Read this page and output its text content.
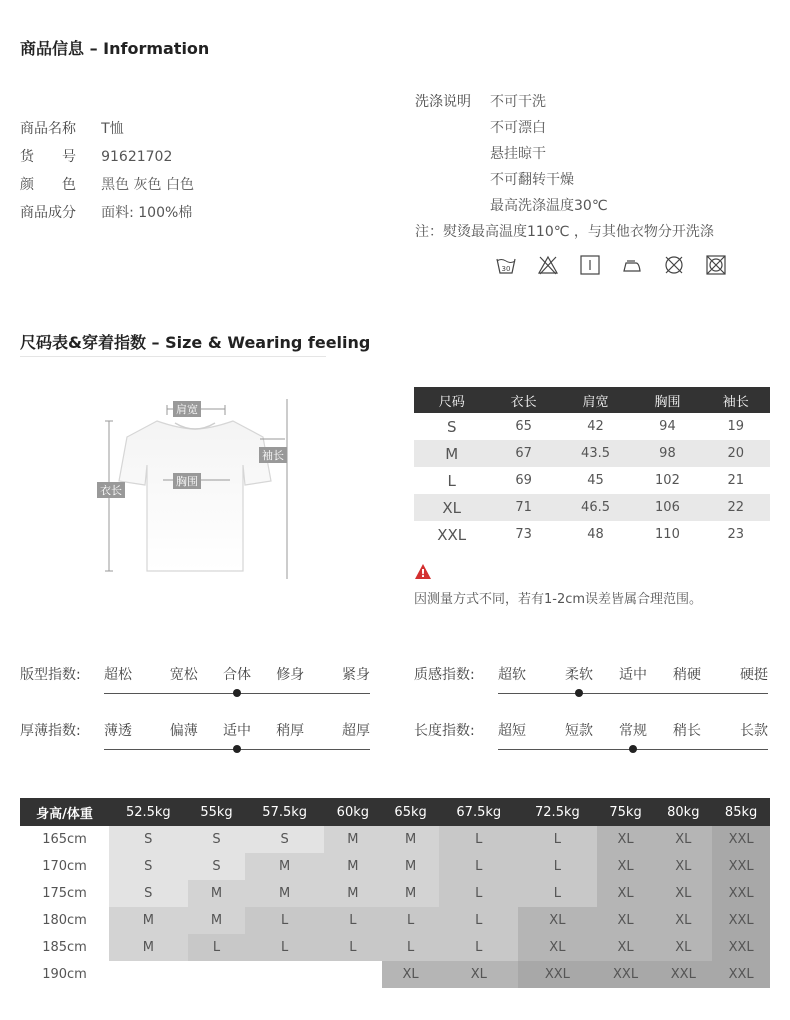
商品信息 – Information
商品名称 T恤
货　　号 91621702
颜　　色 黑色 灰色 白色
商品成分 面料: 100%棉
洗涤说明 不可干洗
不可漂白
悬挂晾干
不可翻转干燥
最高洗涤温度30℃
注：熨烫最高温度110℃ ，与其他衣物分开洗涤
30
尺码表&穿着指数 – Size & Wearing feeling
肩宽
袖长
衣长
胸围
尺码	衣长	肩宽	胸围	袖长
S	65	42	94	19
M	67	43.5	98	20
L	69	45	102	21
XL	71	46.5	106	22
XXL	73	48	110	23
!
因测量方式不同，若有1-2cm误差皆属合理范围。
版型指数: 超松	宽松	合体	修身	紧身	质感指数: 超软	柔软	适中	稍硬	硬挺
厚薄指数: 薄透	偏薄	适中	稍厚	超厚	长度指数: 超短	短款	常规	稍长	长款
身高/体重	52.5kg	55kg	57.5kg	60kg	65kg	67.5kg	72.5kg	75kg	80kg	85kg
165cm	S	S	S	M	M	L	L	XL	XL	XXL
170cm	S	S	M	M	M	L	L	XL	XL	XXL
175cm	S	M	M	M	M	L	L	XL	XL	XXL
180cm	M	M	L	L	L	L	XL	XL	XL	XXL
185cm	M	L	L	L	L	L	XL	XL	XL	XXL
190cm					XL	XL	XXL	XXL	XXL	XXL
